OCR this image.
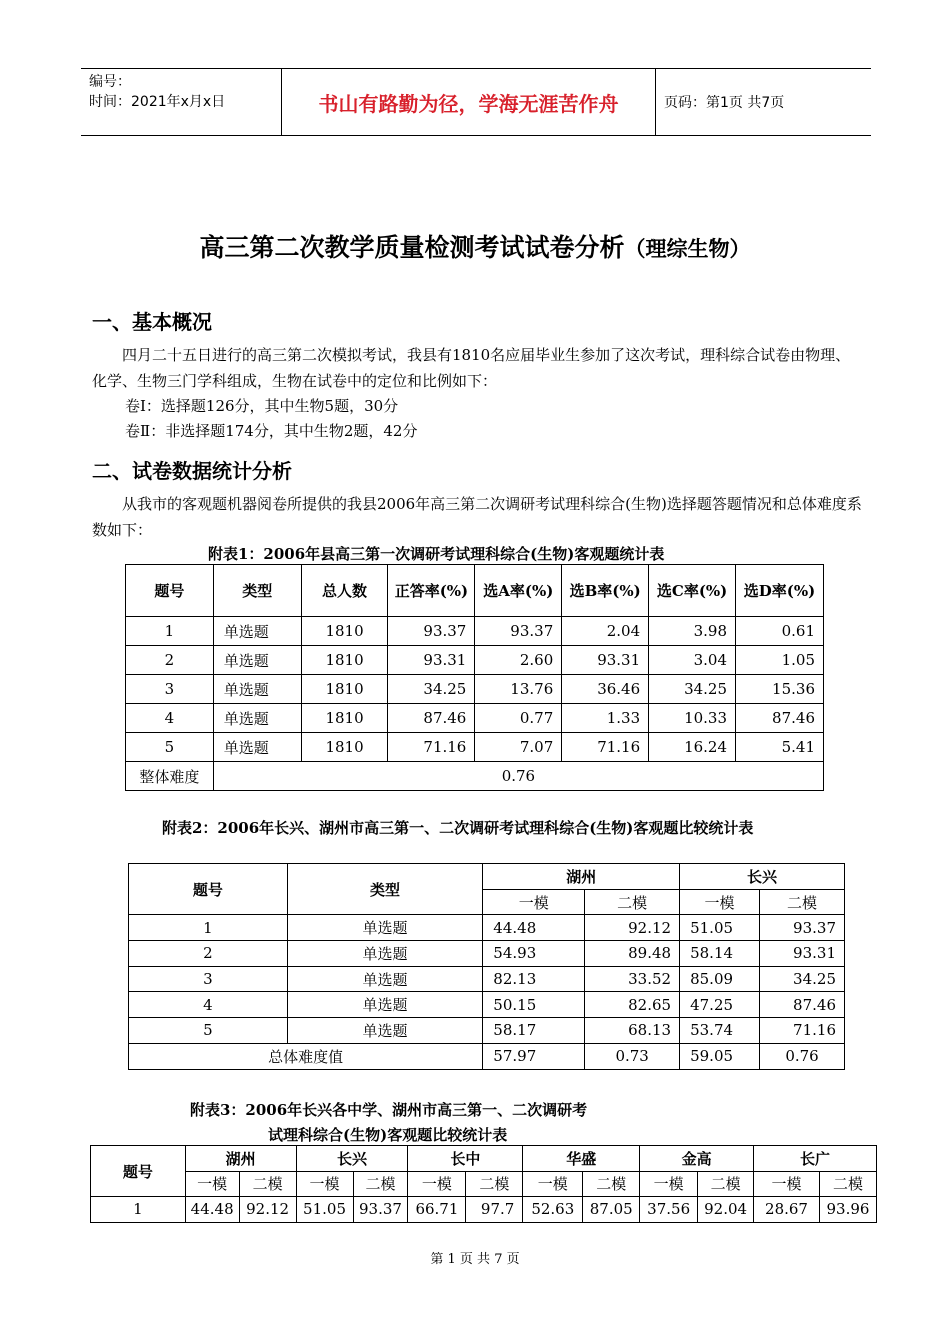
编号：
时间：2021年x月x日	书山有路勤为径，学海无涯苦作舟	页码：第1页 共7页
高三第二次教学质量检测考试试卷分析（理综生物）
一、基本概况
四月二十五日进行的高三第二次模拟考试，我县有1810名应届毕业生参加了这次考试，理科综合试卷由物理、化学、生物三门学科组成，生物在试卷中的定位和比例如下：
卷Ⅰ：选择题126分，其中生物5题，30分
卷Ⅱ：非选择题174分，其中生物2题，42分
二、试卷数据统计分析
从我市的客观题机器阅卷所提供的我县2006年高三第二次调研考试理科综合(生物)选择题答题情况和总体难度系数如下：
附表1：2006年县高三第一次调研考试理科综合(生物)客观题统计表
题号	类型	总人数	正答率(%)	选A率(%)	选B率(%)	选C率(%)	选D率(%)
1	单选题	1810	93.37	93.37	2.04	3.98	0.61
2	单选题	1810	93.31	2.60	93.31	3.04	1.05
3	单选题	1810	34.25	13.76	36.46	34.25	15.36
4	单选题	1810	87.46	0.77	1.33	10.33	87.46
5	单选题	1810	71.16	7.07	71.16	16.24	5.41
整体难度	0.76						
附表2：2006年长兴、湖州市高三第一、二次调研考试理科综合(生物)客观题比较统计表
题号	类型	湖州		长兴	
		一模	二模	一模	二模
1	单选题	44.48	92.12	51.05	93.37
2	单选题	54.93	89.48	58.14	93.31
3	单选题	82.13	33.52	85.09	34.25
4	单选题	50.15	82.65	47.25	87.46
5	单选题	58.17	68.13	53.74	71.16
总体难度值		57.97	0.73	59.05	0.76
附表3：2006年长兴各中学、湖州市高三第一、二次调研考
试理科综合(生物)客观题比较统计表
题号	湖州		长兴		长中		华盛		金高		长广	
	一模	二模	一模	二模	一模	二模	一模	二模	一模	二模	一模	二模
1	44.48	92.12	51.05	93.37	66.71	97.7	52.63	87.05	37.56	92.04	28.67	93.96
第 1 页 共 7 页
